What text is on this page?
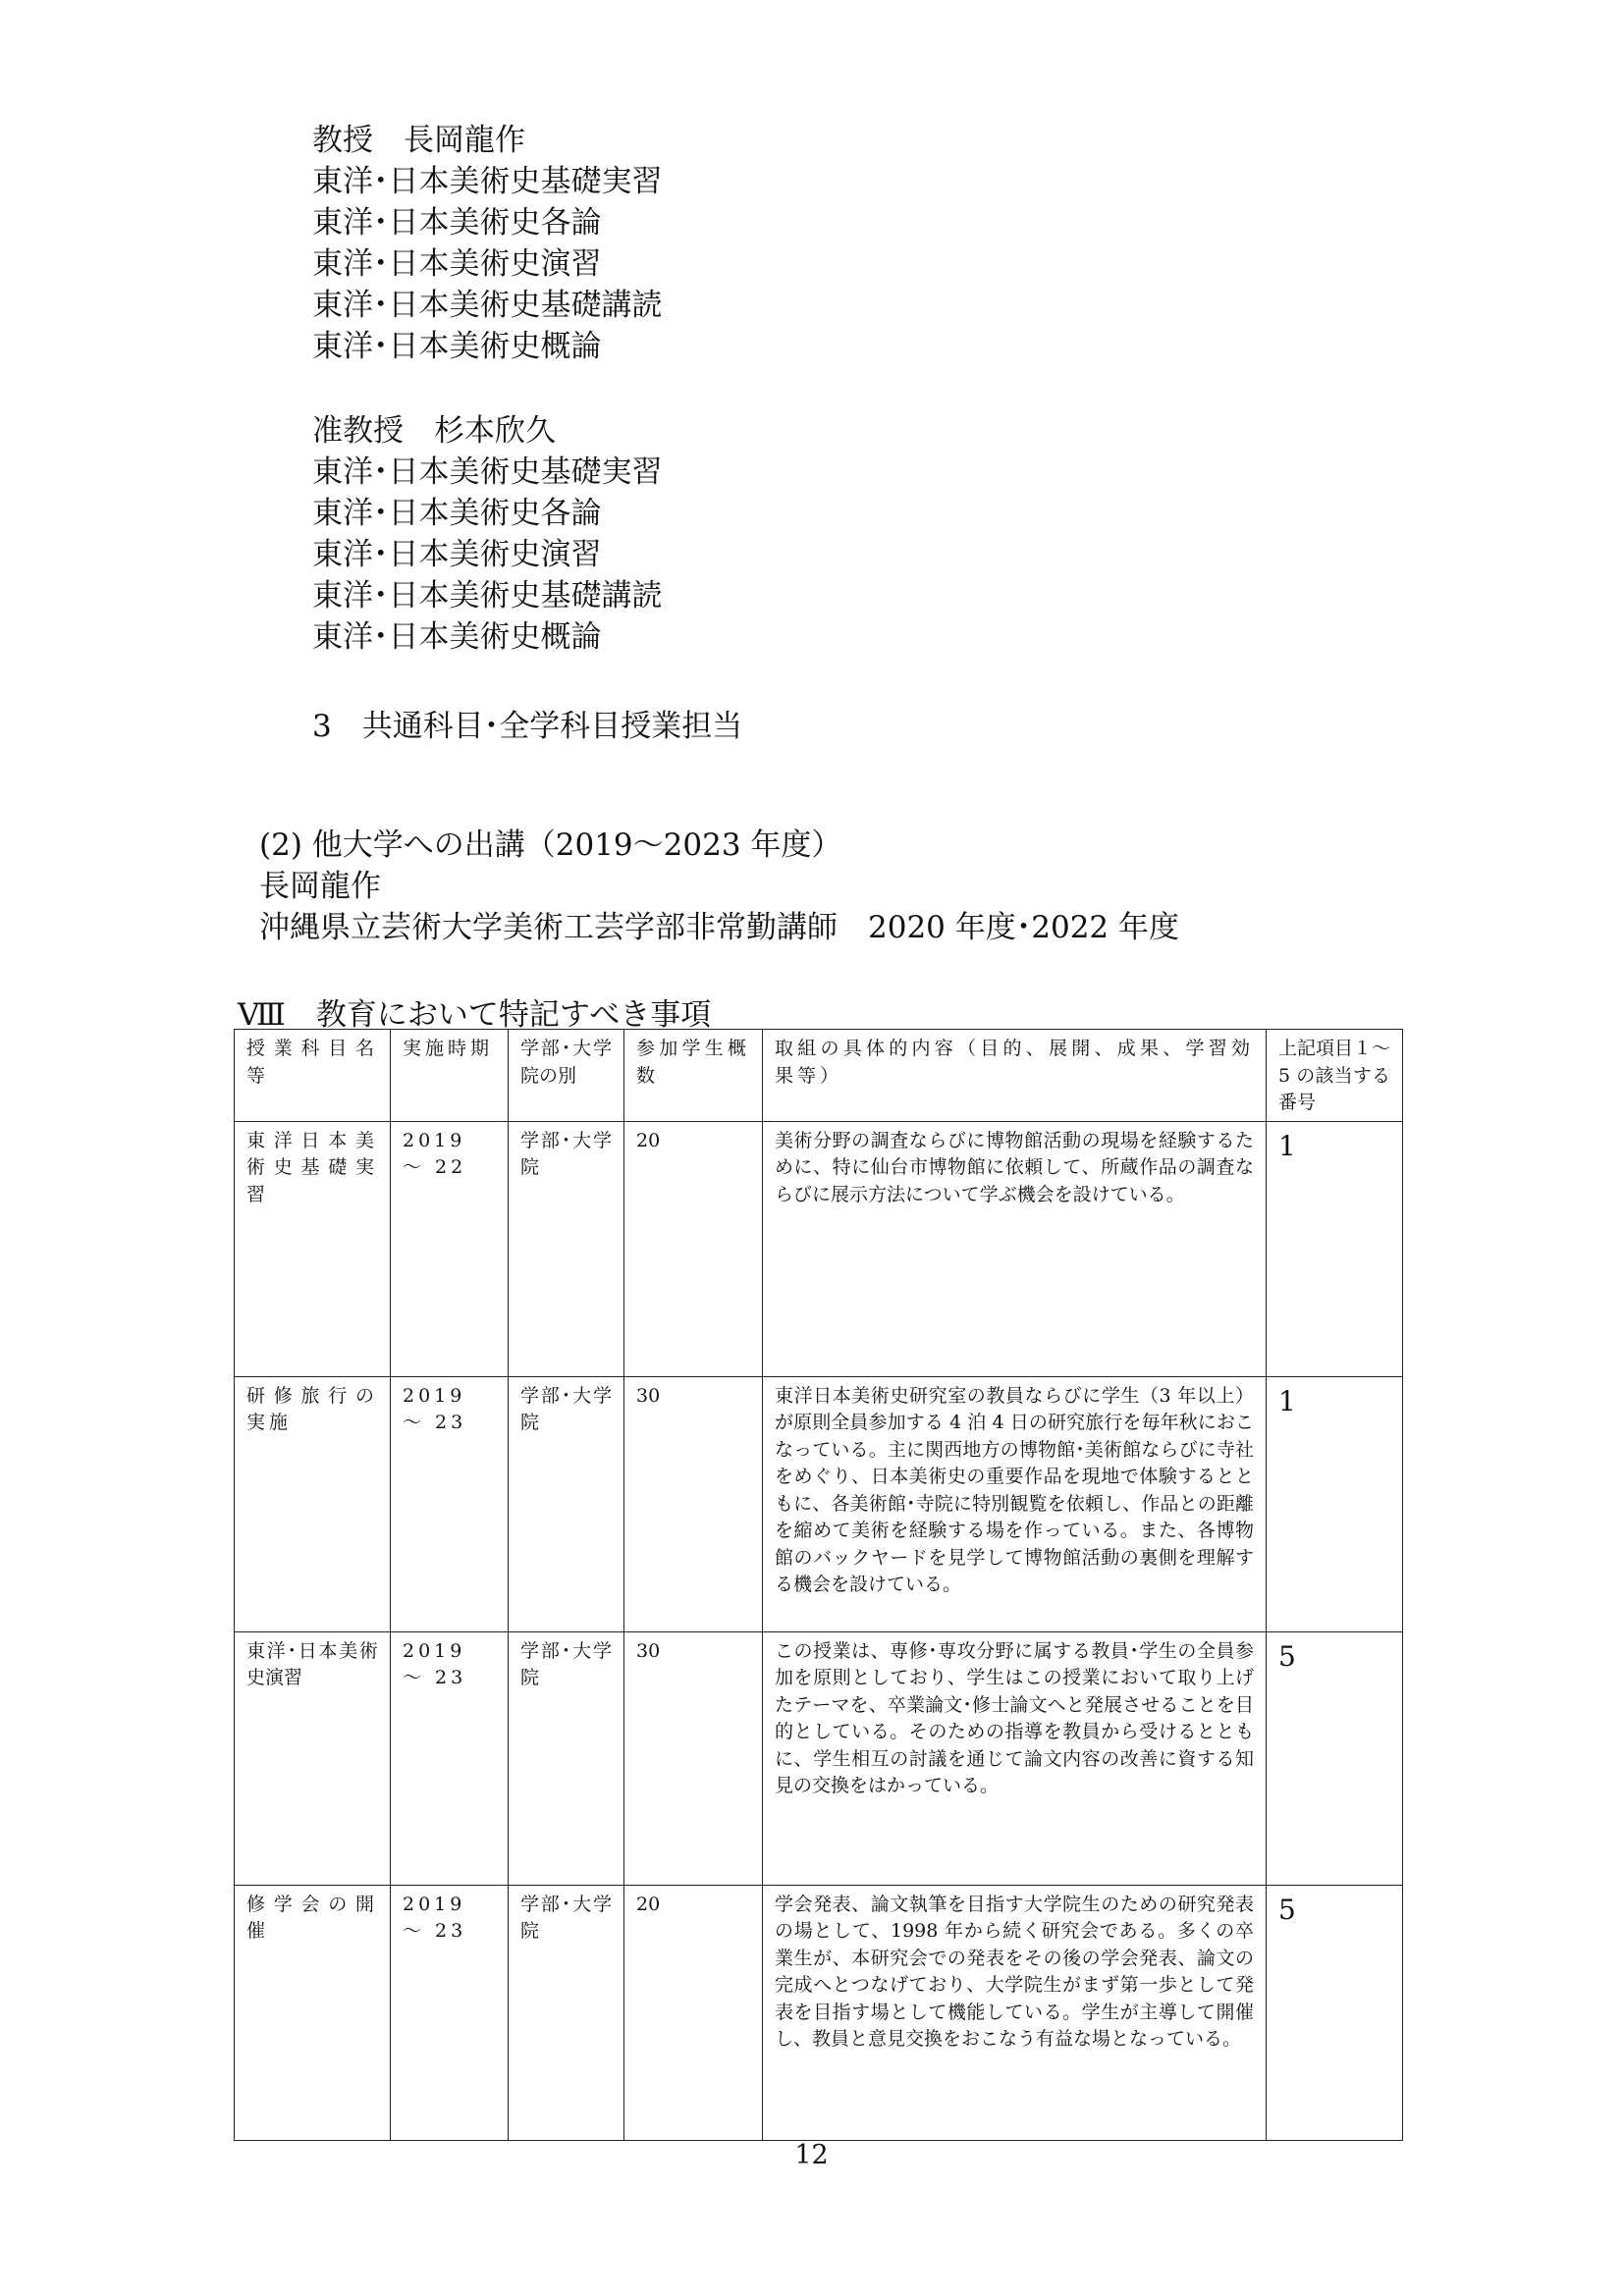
教授　長岡龍作
東洋･日本美術史基礎実習
東洋･日本美術史各論
東洋･日本美術史演習
東洋･日本美術史基礎講読
東洋･日本美術史概論
准教授　杉本欣久
東洋･日本美術史基礎実習
東洋･日本美術史各論
東洋･日本美術史演習
東洋･日本美術史基礎講読
東洋･日本美術史概論
3　共通科目･全学科目授業担当
(2) 他大学への出講（2019～2023 年度）
長岡龍作
沖縄県立芸術大学美術工芸学部非常勤講師　2020 年度･2022 年度
Ⅷ　教育において特記すべき事項
授業科目名等	実施時期	学部･大学院の別	参加学生概数	取組の具体的内容（目的、展開、成果、学習効果等）	上記項目１～5 の該当する番号
東洋日本美術史基礎実習	2019 ～ 22	学部･大学院	20	美術分野の調査ならびに博物館活動の現場を経験するために、特に仙台市博物館に依頼して、所蔵作品の調査ならびに展示方法について学ぶ機会を設けている。	1
研修旅行の実施	2019 ～ 23	学部･大学院	30	東洋日本美術史研究室の教員ならびに学生（3 年以上）が原則全員参加する 4 泊 4 日の研究旅行を毎年秋におこなっている。主に関西地方の博物館･美術館ならびに寺社をめぐり、日本美術史の重要作品を現地で体験するとともに、各美術館･寺院に特別観覧を依頼し、作品との距離を縮めて美術を経験する場を作っている。また、各博物館のバックヤードを見学して博物館活動の裏側を理解する機会を設けている。	1
東洋･日本美術史演習	2019 ～ 23	学部･大学院	30	この授業は、専修･専攻分野に属する教員･学生の全員参加を原則としており、学生はこの授業において取り上げたテーマを、卒業論文･修士論文へと発展させることを目的としている。そのための指導を教員から受けるとともに、学生相互の討議を通じて論文内容の改善に資する知見の交換をはかっている。	5
修学会の開催	2019 ～ 23	学部･大学院	20	学会発表、論文執筆を目指す大学院生のための研究発表の場として、1998 年から続く研究会である。多くの卒業生が、本研究会での発表をその後の学会発表、論文の完成へとつなげており、大学院生がまず第一歩として発表を目指す場として機能している。学生が主導して開催し、教員と意見交換をおこなう有益な場となっている。	5
12
